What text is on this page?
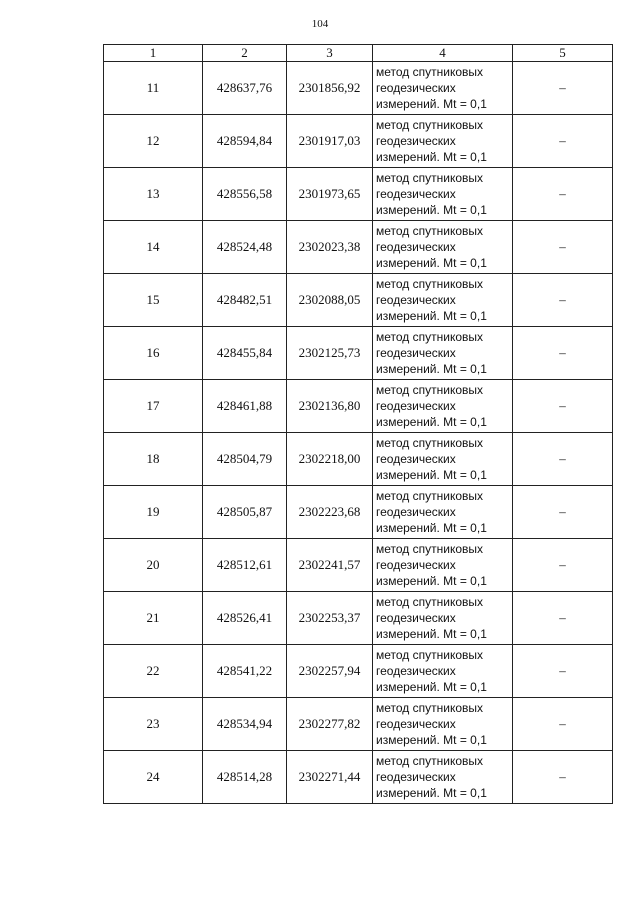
104
1	2	3	4	5
11	428637,76	2301856,92	метод спутниковых
геодезических
измерений. Mt = 0,1	–
12	428594,84	2301917,03	метод спутниковых
геодезических
измерений. Mt = 0,1	–
13	428556,58	2301973,65	метод спутниковых
геодезических
измерений. Mt = 0,1	–
14	428524,48	2302023,38	метод спутниковых
геодезических
измерений. Mt = 0,1	–
15	428482,51	2302088,05	метод спутниковых
геодезических
измерений. Mt = 0,1	–
16	428455,84	2302125,73	метод спутниковых
геодезических
измерений. Mt = 0,1	–
17	428461,88	2302136,80	метод спутниковых
геодезических
измерений. Mt = 0,1	–
18	428504,79	2302218,00	метод спутниковых
геодезических
измерений. Mt = 0,1	–
19	428505,87	2302223,68	метод спутниковых
геодезических
измерений. Mt = 0,1	–
20	428512,61	2302241,57	метод спутниковых
геодезических
измерений. Mt = 0,1	–
21	428526,41	2302253,37	метод спутниковых
геодезических
измерений. Mt = 0,1	–
22	428541,22	2302257,94	метод спутниковых
геодезических
измерений. Mt = 0,1	–
23	428534,94	2302277,82	метод спутниковых
геодезических
измерений. Mt = 0,1	–
24	428514,28	2302271,44	метод спутниковых
геодезических
измерений. Mt = 0,1	–
